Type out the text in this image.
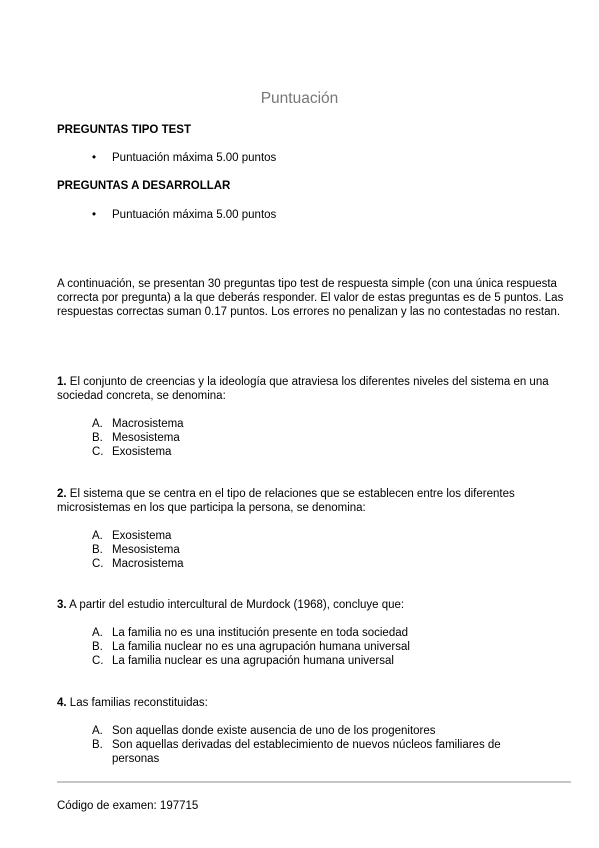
Puntuación
PREGUNTAS TIPO TEST
• Puntuación máxima 5.00 puntos
PREGUNTAS A DESARROLLAR
• Puntuación máxima 5.00 puntos
A continuación, se presentan 30 preguntas tipo test de respuesta simple (con una única respuesta correcta por pregunta) a la que deberás responder. El valor de estas preguntas es de 5 puntos. Las respuestas correctas suman 0.17 puntos. Los errores no penalizan y las no contestadas no restan.
1. El conjunto de creencias y la ideología que atraviesa los diferentes niveles del sistema en una sociedad concreta, se denomina:
A. Macrosistema
B. Mesosistema
C. Exosistema
2. El sistema que se centra en el tipo de relaciones que se establecen entre los diferentes microsistemas en los que participa la persona, se denomina:
A. Exosistema
B. Mesosistema
C. Macrosistema
3. A partir del estudio intercultural de Murdock (1968), concluye que:
A. La familia no es una institución presente en toda sociedad
B. La familia nuclear no es una agrupación humana universal
C. La familia nuclear es una agrupación humana universal
4. Las familias reconstituidas:
A. Son aquellas donde existe ausencia de uno de los progenitores
B. Son aquellas derivadas del establecimiento de nuevos núcleos familiares de personas
Código de examen: 197715
